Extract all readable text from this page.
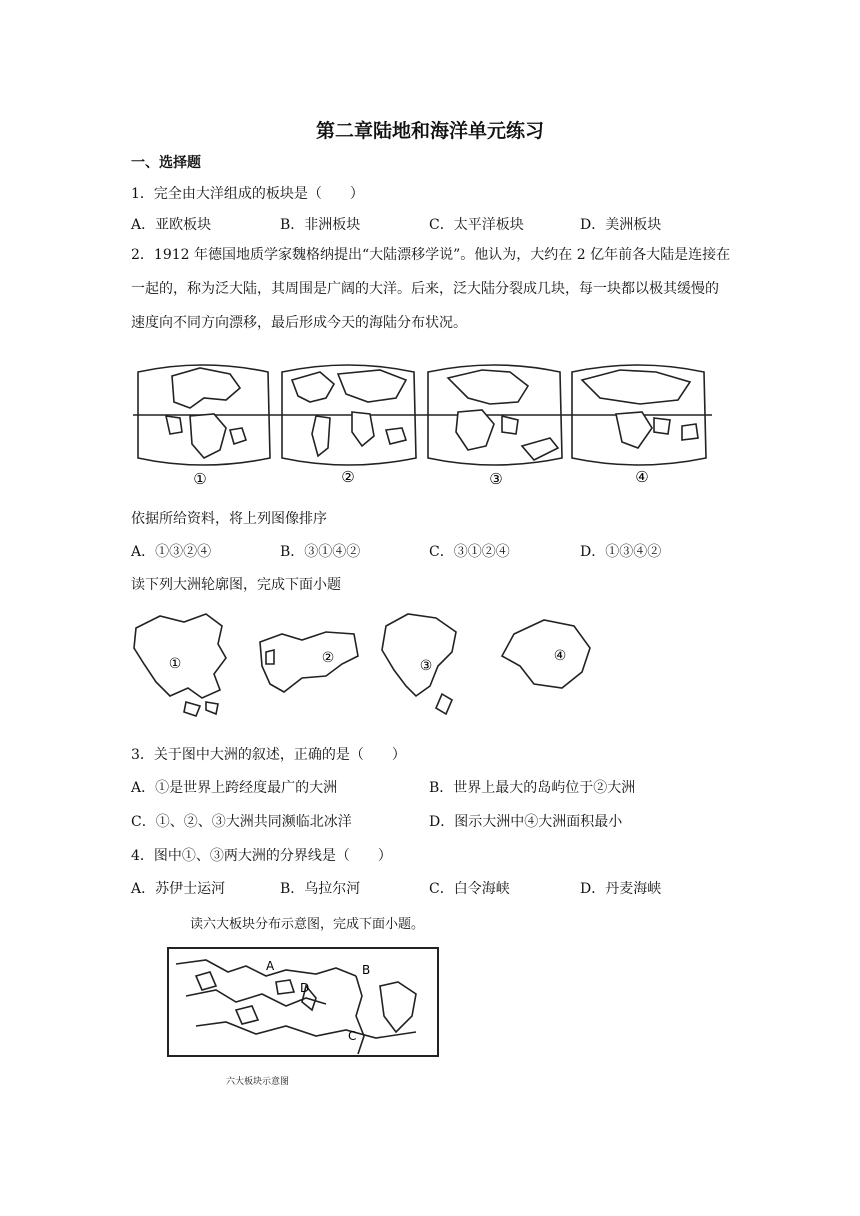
第二章陆地和海洋单元练习
一、选择题
1．完全由大洋组成的板块是（　　）
A．亚欧板块	B．非洲板块	C．太平洋板块	D．美洲板块
2．1912 年德国地质学家魏格纳提出“大陆漂移学说”。他认为，大约在 2 亿年前各大陆是连接在一起的，称为泛大陆，其周围是广阔的大洋。后来，泛大陆分裂成几块，每一块都以极其缓慢的速度向不同方向漂移，最后形成今天的海陆分布状况。
①	②	③	④
依据所给资料，将上列图像排序
A．①③②④	B．③①④②	C．③①②④	D．①③④②
读下列大洲轮廓图，完成下面小题
①	②	③
④
3．关于图中大洲的叙述，正确的是（　　）
A．①是世界上跨经度最广的大洲	B．世界上最大的岛屿位于②大洲
C．①、②、③大洲共同濒临北冰洋	D．图示大洲中④大洲面积最小
4．图中①、③两大洲的分界线是（　　）
A．苏伊士运河	B．乌拉尔河	C．白令海峡	D．丹麦海峡
读六大板块分布示意图，完成下面小题。
A	B
C
D
六大板块示意图
